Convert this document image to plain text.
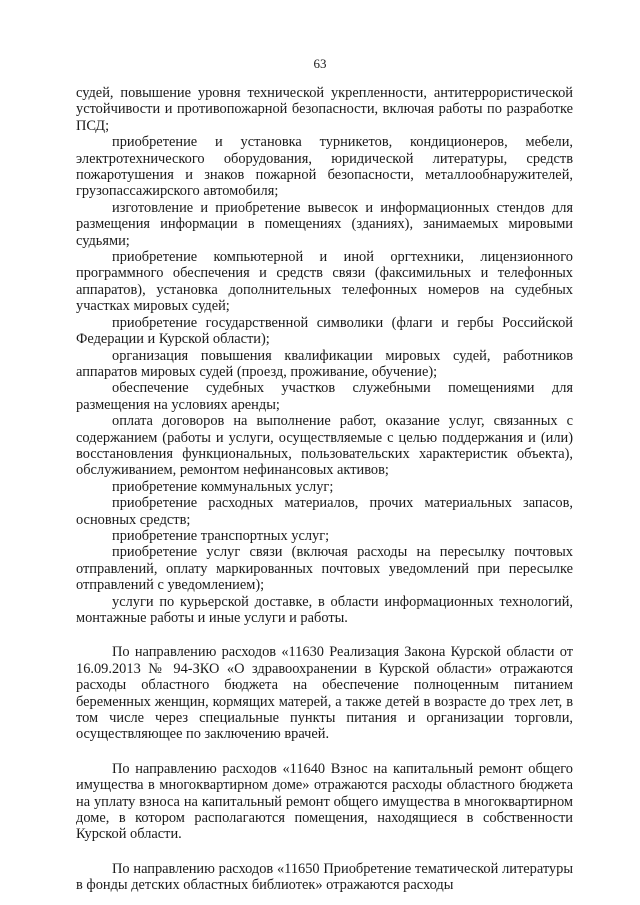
63

судей, повышение уровня технической укрепленности, антитеррористической устойчивости и противопожарной безопасности, включая работы по разработке ПСД;

приобретение и установка турникетов, кондиционеров, мебели, электротехнического оборудования, юридической литературы, средств пожаротушения и знаков пожарной безопасности, металлообнаружителей, грузопассажирского автомобиля;

изготовление и приобретение вывесок и информационных стендов для размещения информации в помещениях (зданиях), занимаемых мировыми судьями;

приобретение компьютерной и иной оргтехники, лицензионного программного обеспечения и средств связи (факсимильных и телефонных аппаратов), установка дополнительных телефонных номеров на судебных участках мировых судей;

приобретение государственной символики (флаги и гербы Российской Федерации и Курской области);

организация повышения квалификации мировых судей, работников аппаратов мировых судей (проезд, проживание, обучение);

обеспечение судебных участков служебными помещениями для размещения на условиях аренды;

оплата договоров на выполнение работ, оказание услуг, связанных с содержанием (работы и услуги, осуществляемые с целью поддержания и (или) восстановления функциональных, пользовательских характеристик объекта), обслуживанием, ремонтом нефинансовых активов;

приобретение коммунальных услуг;

приобретение расходных материалов, прочих материальных запасов, основных средств;

приобретение транспортных услуг;

приобретение услуг связи (включая расходы на пересылку почтовых отправлений, оплату маркированных почтовых уведомлений при пересылке отправлений с уведомлением);

услуги по курьерской доставке, в области информационных технологий, монтажные работы и иные услуги и работы.

По направлению расходов «11630 Реализация Закона Курской области от 16.09.2013 № 94-ЗКО «О здравоохранении в Курской области» отражаются расходы областного бюджета на обеспечение полноценным питанием беременных женщин, кормящих матерей, а также детей в возрасте до трех лет, в том числе через специальные пункты питания и организации торговли, осуществляющее по заключению врачей.

По направлению расходов «11640 Взнос на капитальный ремонт общего имущества в многоквартирном доме» отражаются расходы областного бюджета на уплату взноса на капитальный ремонт общего имущества в многоквартирном доме, в котором располагаются помещения, находящиеся в собственности Курской области.

По направлению расходов «11650 Приобретение тематической литературы в фонды детских областных библиотек» отражаются расходы
